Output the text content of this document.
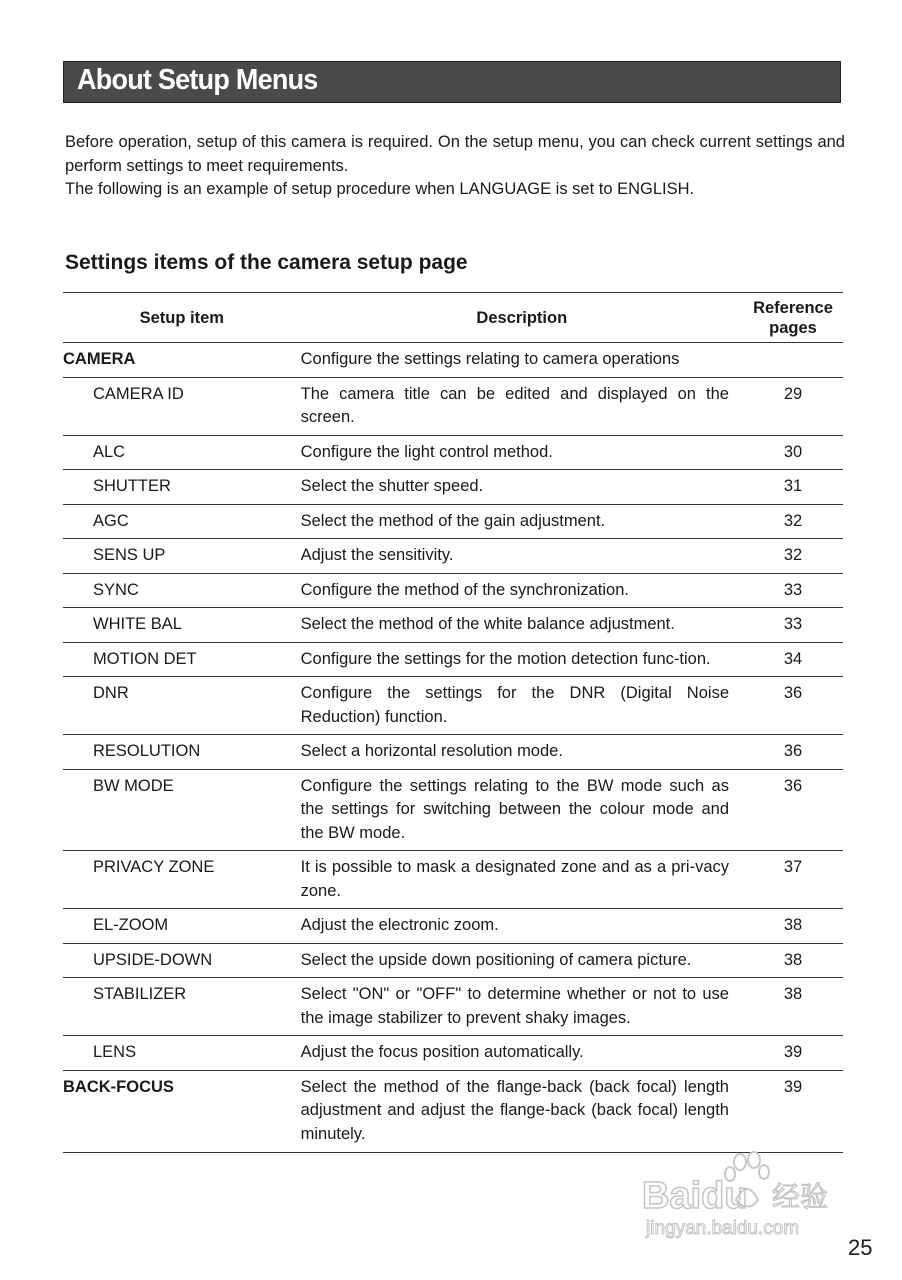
About Setup Menus

Before operation, setup of this camera is required. On the setup menu, you can check current settings and perform settings to meet requirements.

The following is an example of setup procedure when LANGUAGE is set to ENGLISH.

Settings items of the camera setup page
Setup item	Description	Reference pages
CAMERA	Configure the settings relating to camera operations	
CAMERA ID	The camera title can be edited and displayed on the screen.	29
ALC	Configure the light control method.	30
SHUTTER	Select the shutter speed.	31
AGC	Select the method of the gain adjustment.	32
SENS UP	Adjust the sensitivity.	32
SYNC	Configure the method of the synchronization.	33
WHITE BAL	Select the method of the white balance adjustment.	33
MOTION DET	Configure the settings for the motion detection func-tion.	34
DNR	Configure the settings for the DNR (Digital Noise Reduction) function.	36
RESOLUTION	Select a horizontal resolution mode.	36
BW MODE	Configure the settings relating to the BW mode such as the settings for switching between the colour mode and the BW mode.	36
PRIVACY ZONE	It is possible to mask a designated zone and as a pri-vacy zone.	37
EL-ZOOM	Adjust the electronic zoom.	38
UPSIDE-DOWN	Select the upside down positioning of camera picture.	38
STABILIZER	Select "ON" or "OFF" to determine whether or not to use the image stabilizer to prevent shaky images.	38
LENS	Adjust the focus position automatically.	39
BACK-FOCUS	Select the method of the flange-back (back focal) length adjustment and adjust the flange-back (back focal) length minutely.	39
Baidu 经验
jingyan.baidu.com
25
